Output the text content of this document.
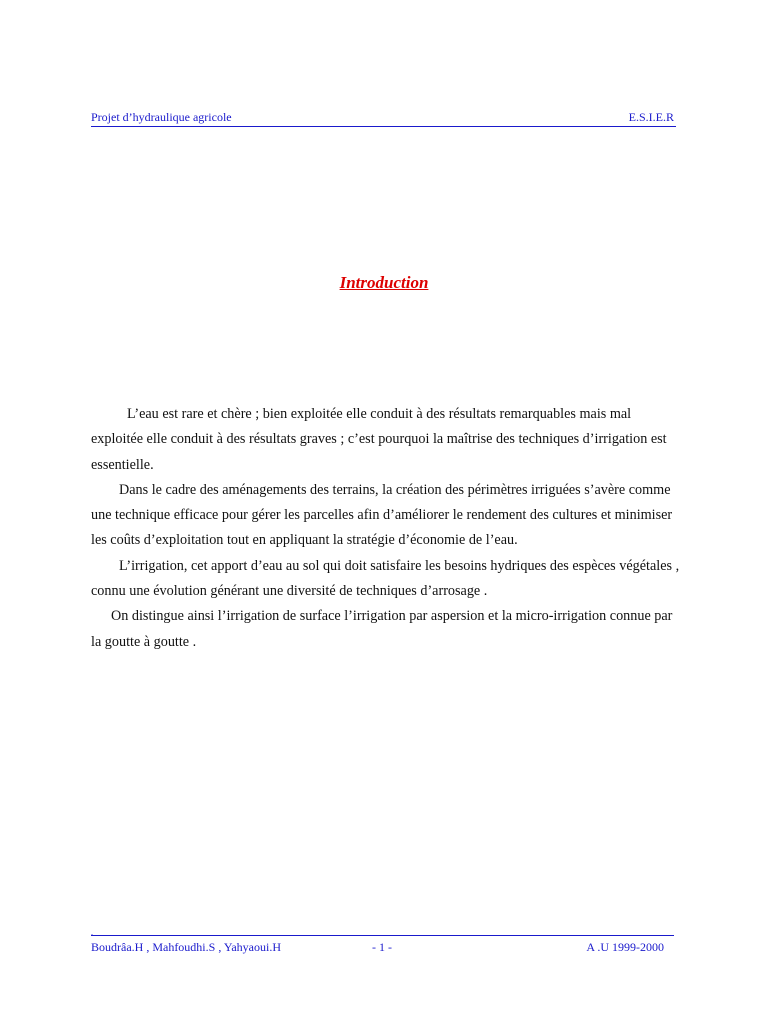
Projet d’hydraulique agricole	E.S.I.E.R
Introduction

L’eau est rare et chère ; bien exploitée elle conduit à des résultats remarquables mais mal exploitée elle conduit à des résultats graves ; c’est pourquoi la maîtrise des techniques d’irrigation est essentielle.

Dans le cadre des aménagements des terrains, la création des périmètres irriguées s’avère comme une technique efficace pour gérer les parcelles afin d’améliorer le rendement des cultures et minimiser les coûts d’exploitation tout en appliquant la stratégie d’économie de l’eau.

L’irrigation, cet apport d’eau au sol qui doit satisfaire les besoins hydriques des espèces végétales , connu une évolution générant une diversité de techniques d’arrosage .

On distingue ainsi l’irrigation de surface l’irrigation par aspersion et la micro-irrigation connue par la goutte à goutte .

.
Boudrâa.H , Mahfoudhi.S , Yahyaoui.H	- 1 -	A .U 1999-2000
